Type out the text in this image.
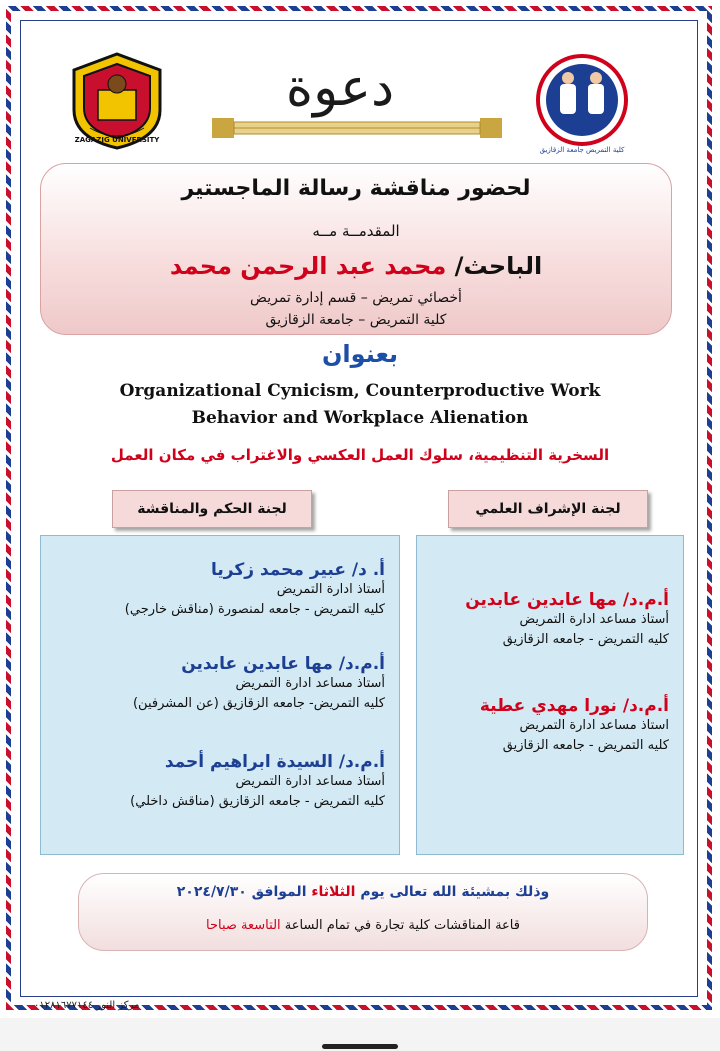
ZAGAZIG UNIVERSITY
دعوة
كلية التمريض جامعة الزقازيق
لحضور مناقشة رسالة الماجستير
المقدمــة مــه
الباحث/ محمد عبد الرحمن محمد
أخصائي تمريض – قسم إدارة تمريض
كلية التمريض – جامعة الزقازيق
بعنوان
Organizational Cynicism, Counterproductive Work
Behavior and Workplace Alienation
السخرية التنظيمية، سلوك العمل العكسي والاغتراب في مكان العمل
لجنة الحكم والمناقشة	لجنة الإشراف العلمي
أ. د/ عبير محمد زكريا
أستاذ ادارة التمريض
كليه التمريض - جامعه لمنصورة (مناقش خارجي)
أ.م.د/ مها عابدين عابدين
أستاذ مساعد ادارة التمريض
كليه التمريض- جامعه الزقازيق (عن المشرفين)
أ.م.د/ السيدة ابراهيم أحمد
أستاذ مساعد ادارة التمريض
كليه التمريض - جامعه الزقازيق (مناقش داخلي)
أ.م.د/ مها عابدين عابدين
أستاذ مساعد ادارة التمريض
كليه التمريض - جامعه الزقازيق
أ.م.د/ نورا مهدي عطية
استاذ مساعد ادارة التمريض
كليه التمريض - جامعه الزقازيق
وذلك بمشيئة الله تعالى يوم الثلاثاء الموافق ٢٠٢٤/٧/٣٠
قاعة المناقشات كلية تجارة في تمام الساعة التاسعة صباحا
مركز النور ٠١٢٨١٦٧٧١٤٤
